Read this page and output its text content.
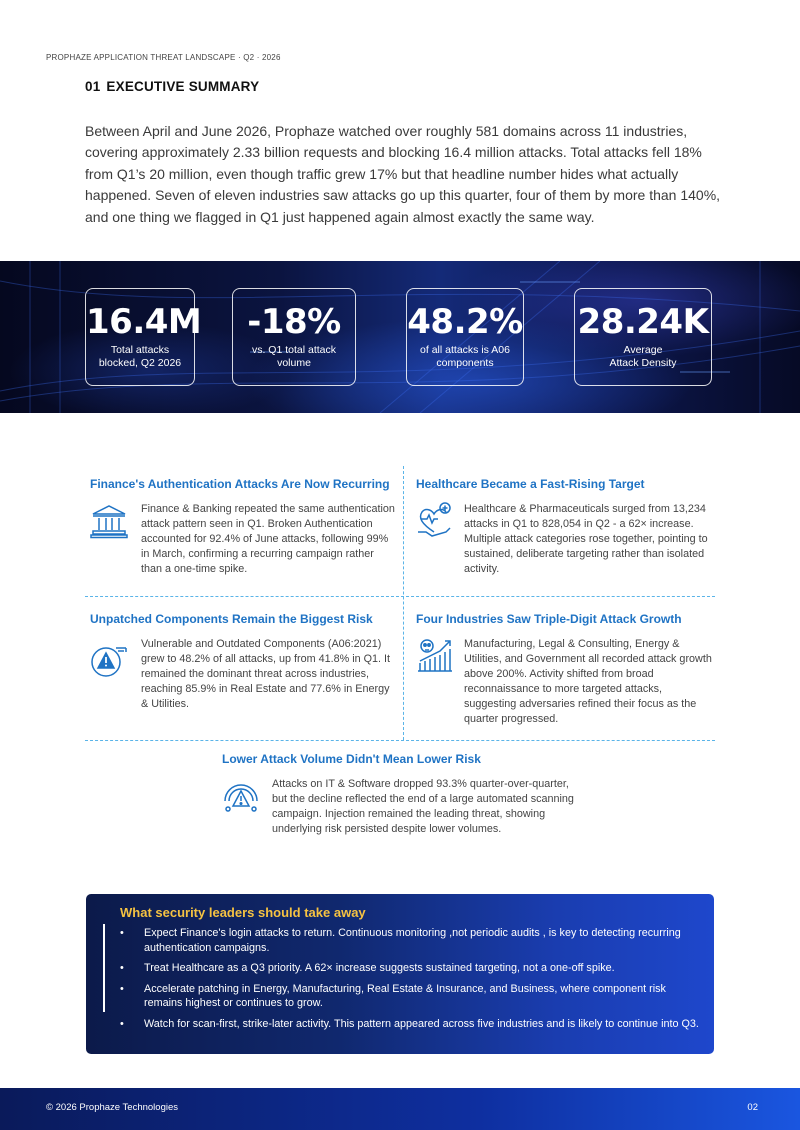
PROPHAZE APPLICATION THREAT LANDSCAPE · Q2 · 2026
01 EXECUTIVE SUMMARY

Between April and June 2026, Prophaze watched over roughly 581 domains across 11 industries, covering approximately 2.33 billion requests and blocking 16.4 million attacks. Total attacks fell 18% from Q1’s 20 million, even though traffic grew 17% but that headline number hides what actually happened. Seven of eleven industries saw attacks go up this quarter, four of them by more than 140%, and one thing we flagged in Q1 just happened again almost exactly the same way.

16.4M
Total attacks
blocked, Q2 2026
-18%
vs. Q1 total attack
volume
48.2%
of all attacks is A06
components
28.24K
Average
Attack Density
Finance's Authentication Attacks Are Now Recurring
Finance & Banking repeated the same authentication attack pattern seen in Q1. Broken Authentication accounted for 92.4% of June attacks, following 99% in March, confirming a recurring campaign rather than a one-time spike.
Healthcare Became a Fast-Rising Target
Healthcare & Pharmaceuticals surged from 13,234 attacks in Q1 to 828,054 in Q2 - a 62× increase. Multiple attack categories rose together, pointing to sustained, deliberate targeting rather than isolated activity.
Unpatched Components Remain the Biggest Risk
Vulnerable and Outdated Components (A06:2021) grew to 48.2% of all attacks, up from 41.8% in Q1. It remained the dominant threat across industries, reaching 85.9% in Real Estate and 77.6% in Energy & Utilities.
Four Industries Saw Triple-Digit Attack Growth
Manufacturing, Legal & Consulting, Energy & Utilities, and Government all recorded attack growth above 200%. Activity shifted from broad reconnaissance to more targeted attacks, suggesting adversaries refined their focus as the quarter progressed.
Lower Attack Volume Didn't Mean Lower Risk
Attacks on IT & Software dropped 93.3% quarter-over-quarter, but the decline reflected the end of a large automated scanning campaign. Injection remained the leading threat, showing underlying risk persisted despite lower volumes.
What security leaders should take away
• Expect Finance's login attacks to return. Continuous monitoring ,not periodic audits , is key to detecting recurring authentication campaigns.
• Treat Healthcare as a Q3 priority. A 62× increase suggests sustained targeting, not a one-off spike.
• Accelerate patching in Energy, Manufacturing, Real Estate & Insurance, and Business, where component risk remains highest or continues to grow.
• Watch for scan-first, strike-later activity. This pattern appeared across five industries and is likely to continue into Q3.
© 2026 Prophaze Technologies	02
